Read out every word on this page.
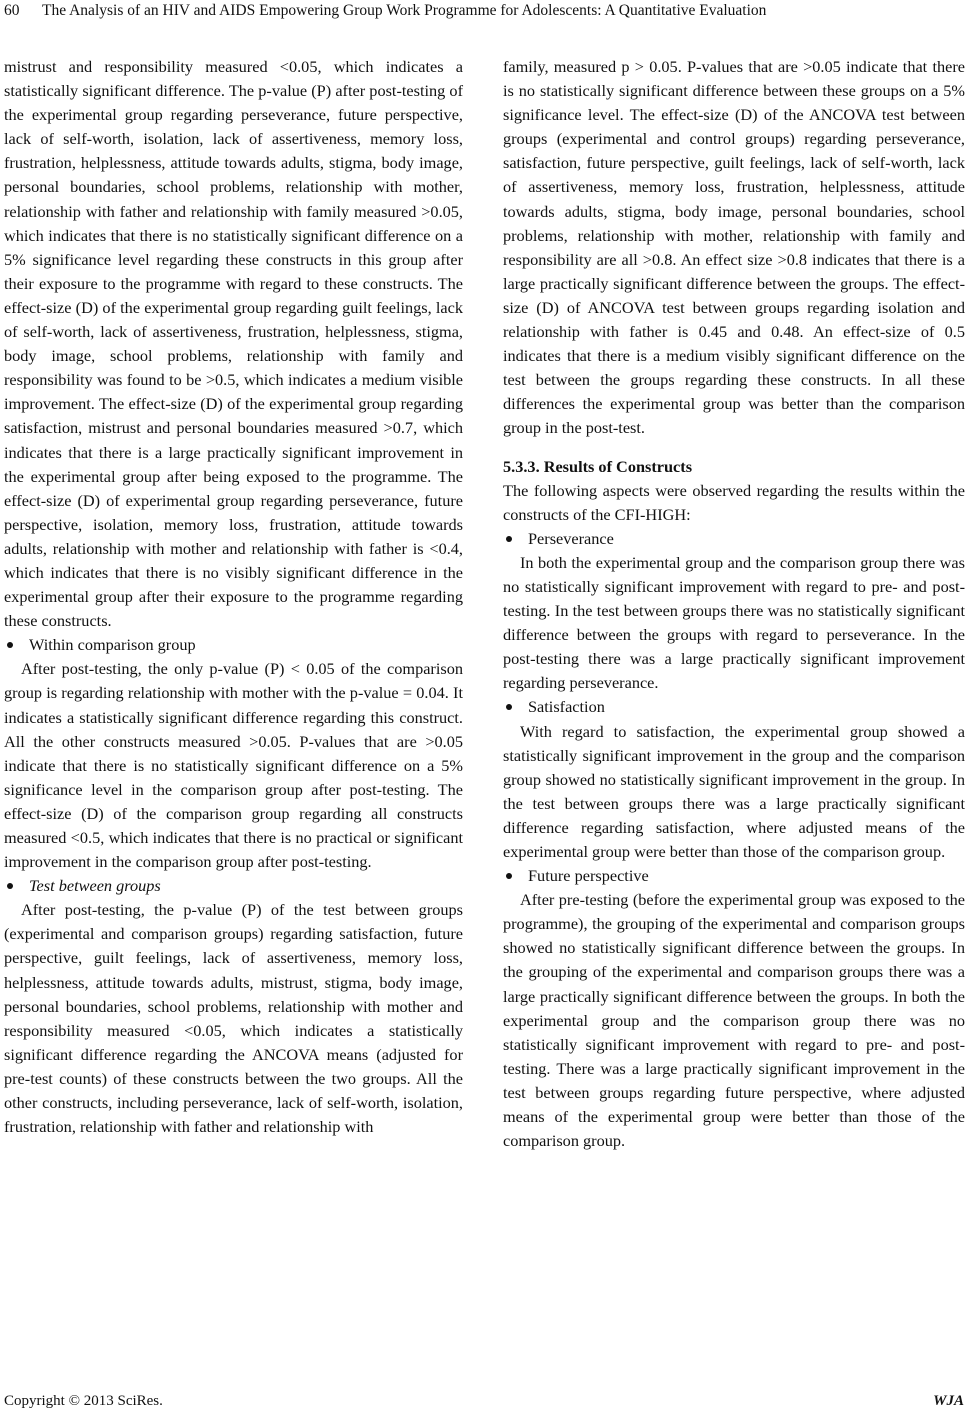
60 The Analysis of an HIV and AIDS Empowering Group Work Programme for Adolescents: A Quantitative Evaluation

mistrust and responsibility measured <0.05, which indicates a statistically significant difference. The p-value (P) after post-testing of the experimental group regarding perseverance, future perspective, lack of self-worth, isolation, lack of assertiveness, memory loss, frustration, helplessness, attitude towards adults, stigma, body image, personal boundaries, school problems, relationship with mother, relationship with father and relationship with family measured >0.05, which indicates that there is no statistically significant difference on a 5% significance level regarding these constructs in this group after their exposure to the programme with regard to these constructs. The effect-size (D) of the experimental group regarding guilt feelings, lack of self-worth, lack of assertiveness, frustration, helplessness, stigma, body image, school problems, relationship with family and responsibility was found to be >0.5, which indicates a medium visible improvement. The effect-size (D) of the experimental group regarding satisfaction, mistrust and personal boundaries measured >0.7, which indicates that there is a large practically significant improvement in the experimental group after being exposed to the programme. The effect-size (D) of experimental group regarding perseverance, future perspective, isolation, memory loss, frustration, attitude towards adults, relationship with mother and relationship with father is <0.4, which indicates that there is no visibly significant difference in the experimental group after their exposure to the programme regarding these constructs.

Within comparison group

After post-testing, the only p-value (P) < 0.05 of the comparison group is regarding relationship with mother with the p-value = 0.04. It indicates a statistically significant difference regarding this construct. All the other constructs measured >0.05. P-values that are >0.05 indicate that there is no statistically significant difference on a 5% significance level in the comparison group after post-testing. The effect-size (D) of the comparison group regarding all constructs measured <0.5, which indicates that there is no practical or significant improvement in the comparison group after post-testing.

Test between groups

After post-testing, the p-value (P) of the test between groups (experimental and comparison groups) regarding satisfaction, future perspective, guilt feelings, lack of assertiveness, memory loss, helplessness, attitude towards adults, mistrust, stigma, body image, personal boundaries, school problems, relationship with mother and responsibility measured <0.05, which indicates a statistically significant difference regarding the ANCOVA means (adjusted for pre-test counts) of these constructs between the two groups. All the other constructs, including perseverance, lack of self-worth, isolation, frustration, relationship with father and relationship with

family, measured p > 0.05. P-values that are >0.05 indicate that there is no statistically significant difference between these groups on a 5% significance level. The effect-size (D) of the ANCOVA test between groups (experimental and control groups) regarding perseverance, satisfaction, future perspective, guilt feelings, lack of self-worth, lack of assertiveness, memory loss, frustration, helplessness, attitude towards adults, stigma, body image, personal boundaries, school problems, relationship with mother, relationship with family and responsibility are all >0.8. An effect size >0.8 indicates that there is a large practically significant difference between the groups. The effect-size (D) of ANCOVA test between groups regarding isolation and relationship with father is 0.45 and 0.48. An effect-size of 0.5 indicates that there is a medium visibly significant difference on the test between the groups regarding these constructs. In all these differences the experimental group was better than the comparison group in the post-test.

5.3.3. Results of Constructs

The following aspects were observed regarding the results within the constructs of the CFI-HIGH:

Perseverance

In both the experimental group and the comparison group there was no statistically significant improvement with regard to pre- and post-testing. In the test between groups there was no statistically significant difference between the groups with regard to perseverance. In the post-testing there was a large practically significant improvement regarding perseverance.

Satisfaction

With regard to satisfaction, the experimental group showed a statistically significant improvement in the group and the comparison group showed no statistically significant improvement in the group. In the test between groups there was a large practically significant difference regarding satisfaction, where adjusted means of the experimental group were better than those of the comparison group.

Future perspective

After pre-testing (before the experimental group was exposed to the programme), the grouping of the experimental and comparison groups showed no statistically significant difference between the groups. In the grouping of the experimental and comparison groups there was a large practically significant difference between the groups. In both the experimental group and the comparison group there was no statistically significant improvement with regard to pre- and post-testing. There was a large practically significant improvement in the test between groups regarding future perspective, where adjusted means of the experimental group were better than those of the comparison group.

Copyright © 2013 SciRes.	WJA
